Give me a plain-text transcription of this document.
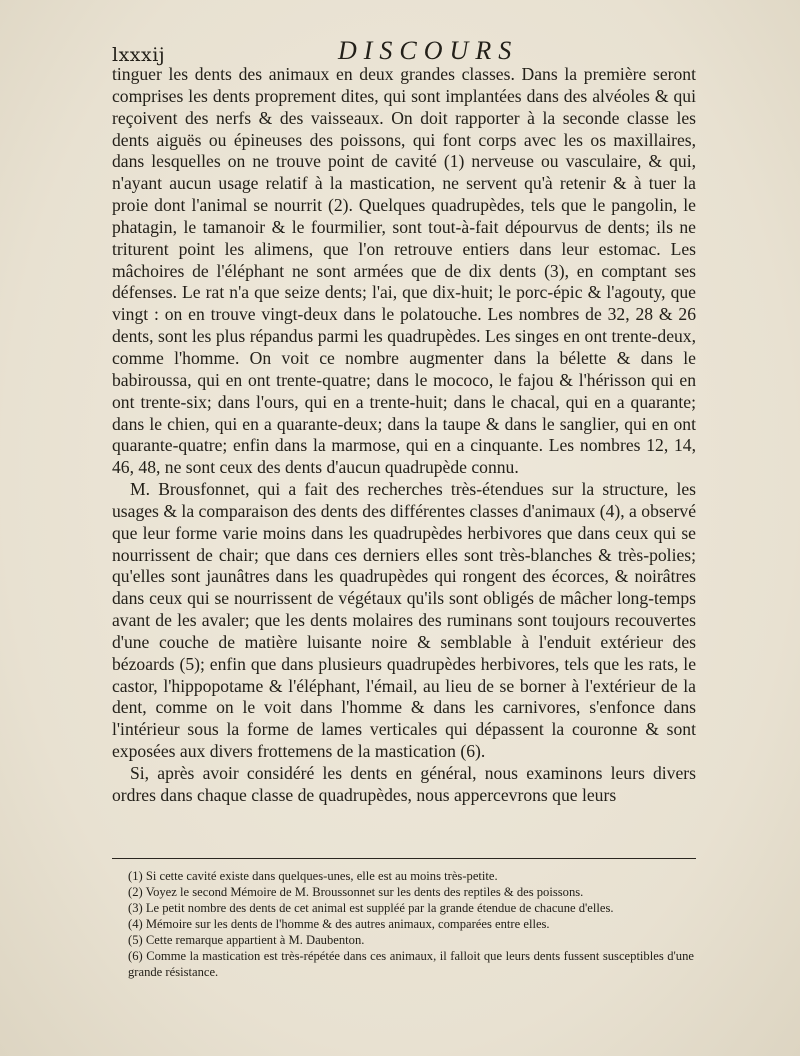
lxxxij	DISCOURS

tinguer les dents des animaux en deux grandes classes. Dans la première seront comprises les dents proprement dites, qui sont implantées dans des alvéoles & qui reçoivent des nerfs & des vaisseaux. On doit rapporter à la seconde classe les dents aiguës ou épineuses des poissons, qui font corps avec les os maxillaires, dans lesquelles on ne trouve point de cavité (1) nerveuse ou vasculaire, & qui, n'ayant aucun usage relatif à la mastication, ne servent qu'à retenir & à tuer la proie dont l'animal se nourrit (2). Quelques quadrupèdes, tels que le pangolin, le phatagin, le tamanoir & le fourmilier, sont tout-à-fait dépourvus de dents; ils ne triturent point les alimens, que l'on retrouve entiers dans leur estomac. Les mâchoires de l'éléphant ne sont armées que de dix dents (3), en comptant ses défenses. Le rat n'a que seize dents; l'ai, que dix-huit; le porc-épic & l'agouty, que vingt : on en trouve vingt-deux dans le polatouche. Les nombres de 32, 28 & 26 dents, sont les plus répandus parmi les quadrupèdes. Les singes en ont trente-deux, comme l'homme. On voit ce nombre augmenter dans la bélette & dans le babiroussa, qui en ont trente-quatre; dans le mococo, le fajou & l'hérisson qui en ont trente-six; dans l'ours, qui en a trente-huit; dans le chacal, qui en a quarante; dans le chien, qui en a quarante-deux; dans la taupe & dans le sanglier, qui en ont quarante-quatre; enfin dans la marmose, qui en a cinquante. Les nombres 12, 14, 46, 48, ne sont ceux des dents d'aucun quadrupède connu.

M. Brousfonnet, qui a fait des recherches très-étendues sur la structure, les usages & la comparaison des dents des différentes classes d'animaux (4), a observé que leur forme varie moins dans les quadrupèdes herbivores que dans ceux qui se nourrissent de chair; que dans ces derniers elles sont très-blanches & très-polies; qu'elles sont jaunâtres dans les quadrupèdes qui rongent des écorces, & noirâtres dans ceux qui se nourrissent de végétaux qu'ils sont obligés de mâcher long-temps avant de les avaler; que les dents molaires des ruminans sont toujours recouvertes d'une couche de matière luisante noire & semblable à l'enduit extérieur des bézoards (5); enfin que dans plusieurs quadrupèdes herbivores, tels que les rats, le castor, l'hippopotame & l'éléphant, l'émail, au lieu de se borner à l'extérieur de la dent, comme on le voit dans l'homme & dans les carnivores, s'enfonce dans l'intérieur sous la forme de lames verticales qui dépassent la couronne & sont exposées aux divers frottemens de la mastication (6).

Si, après avoir considéré les dents en général, nous examinons leurs divers ordres dans chaque classe de quadrupèdes, nous appercevrons que leurs

(1) Si cette cavité existe dans quelques-unes, elle est au moins très-petite.

(2) Voyez le second Mémoire de M. Broussonnet sur les dents des reptiles & des poissons.

(3) Le petit nombre des dents de cet animal est suppléé par la grande étendue de chacune d'elles.

(4) Mémoire sur les dents de l'homme & des autres animaux, comparées entre elles.

(5) Cette remarque appartient à M. Daubenton.

(6) Comme la mastication est très-répétée dans ces animaux, il falloit que leurs dents fussent susceptibles d'une grande résistance.
